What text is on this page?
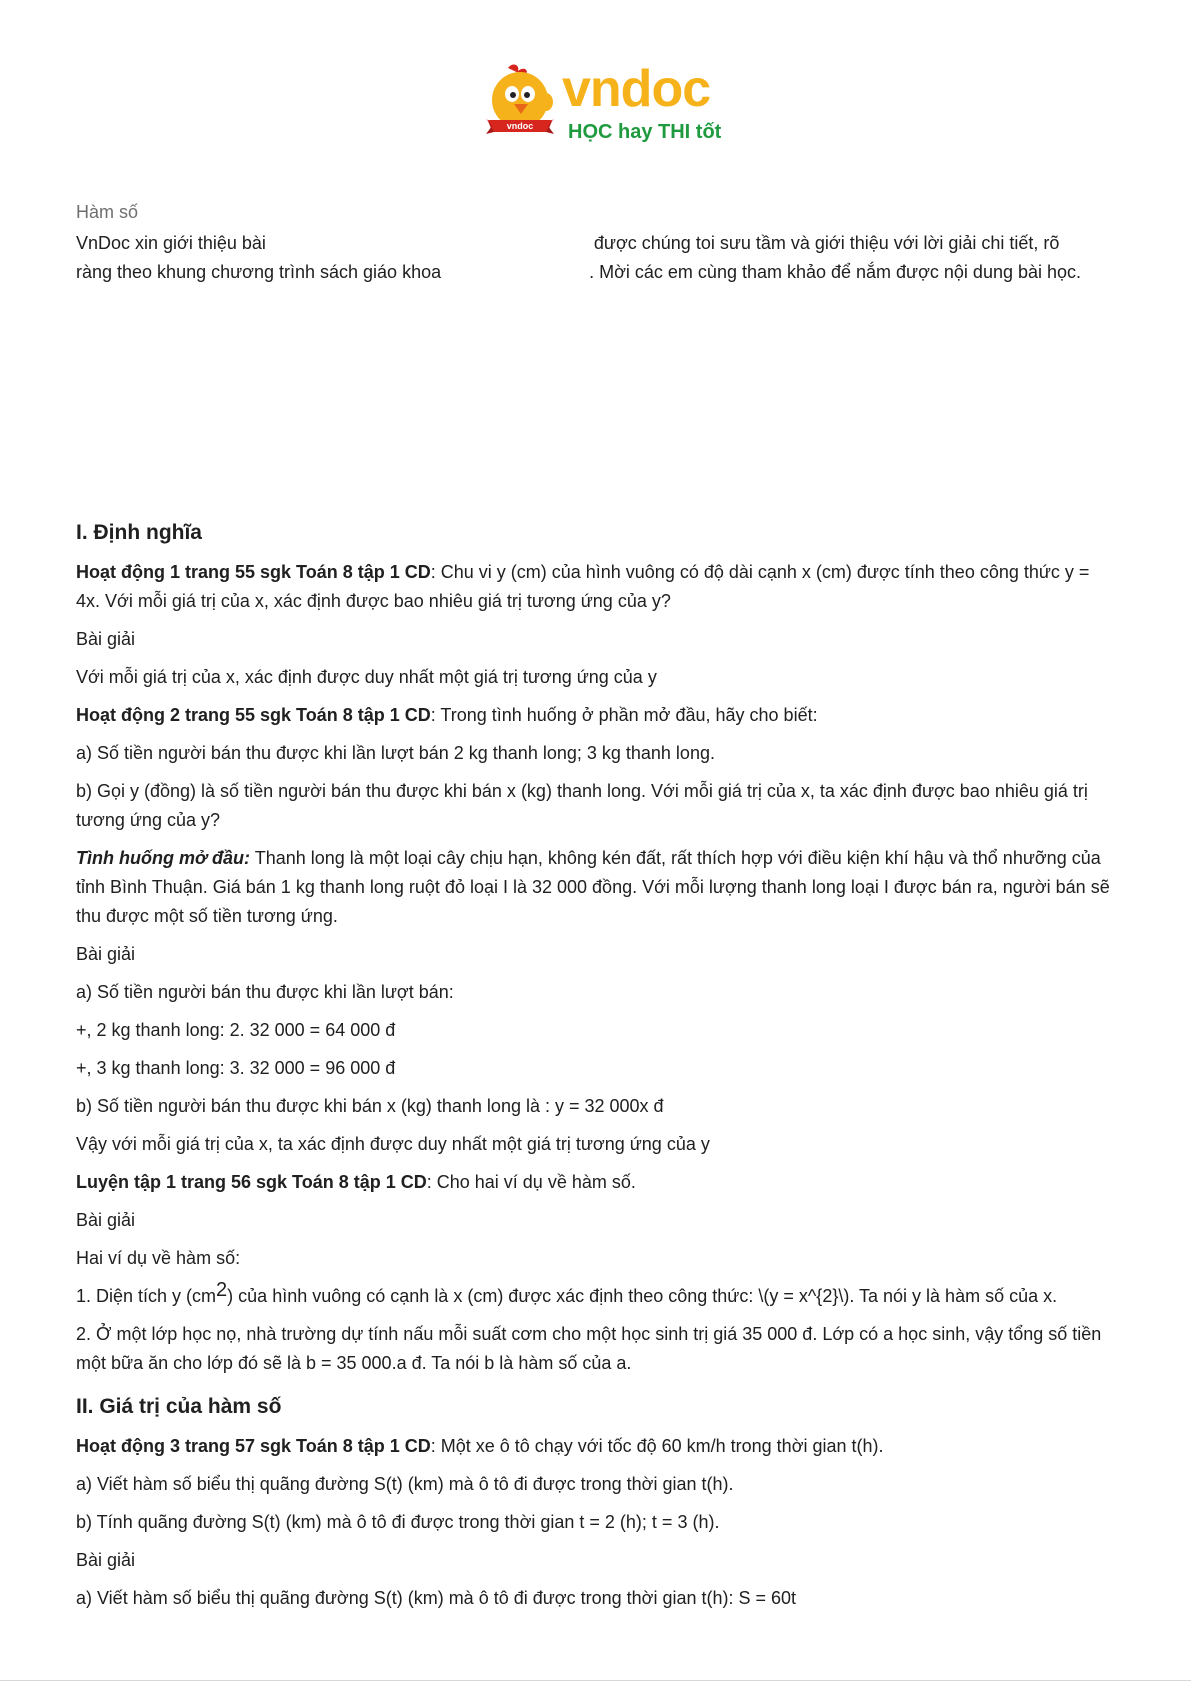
vndoc
vndoc
HỌC hay THI tốt
Hàm số
VnDoc xin giới thiệu bài	được chúng toi sưu tầm và giới thiệu với lời giải chi tiết, rõ
ràng theo khung chương trình sách giáo khoa	. Mời các em cùng tham khảo để nắm được nội dung bài học.
I. Định nghĩa

Hoạt động 1 trang 55 sgk Toán 8 tập 1 CD: Chu vi y (cm) của hình vuông có độ dài cạnh x (cm) được tính theo công thức y = 4x. Với mỗi giá trị của x, xác định được bao nhiêu giá trị tương ứng của y?

Bài giải

Với mỗi giá trị của x, xác định được duy nhất một giá trị tương ứng của y

Hoạt động 2 trang 55 sgk Toán 8 tập 1 CD: Trong tình huống ở phần mở đầu, hãy cho biết:

a) Số tiền người bán thu được khi lần lượt bán 2 kg thanh long; 3 kg thanh long.

b) Gọi y (đồng) là số tiền người bán thu được khi bán x (kg) thanh long. Với mỗi giá trị của x, ta xác định được bao nhiêu giá trị tương ứng của y?

Tình huống mở đầu: Thanh long là một loại cây chịu hạn, không kén đất, rất thích hợp với điều kiện khí hậu và thổ nhưỡng của tỉnh Bình Thuận. Giá bán 1 kg thanh long ruột đỏ loại I là 32 000 đồng. Với mỗi lượng thanh long loại I được bán ra, người bán sẽ thu được một số tiền tương ứng.

Bài giải

a) Số tiền người bán thu được khi lần lượt bán:

+, 2 kg thanh long: 2. 32 000 = 64 000 đ

+, 3 kg thanh long: 3. 32 000 = 96 000 đ

b) Số tiền người bán thu được khi bán x (kg) thanh long là : y = 32 000x đ

Vậy với mỗi giá trị của x, ta xác định được duy nhất một giá trị tương ứng của y

Luyện tập 1 trang 56 sgk Toán 8 tập 1 CD: Cho hai ví dụ về hàm số.

Bài giải

Hai ví dụ về hàm số:

1. Diện tích y (cm2) của hình vuông có cạnh là x (cm) được xác định theo công thức: \(y = x^{2}\). Ta nói y là hàm số của x.

2. Ở một lớp học nọ, nhà trường dự tính nấu mỗi suất cơm cho một học sinh trị giá 35 000 đ. Lớp có a học sinh, vậy tổng số tiền một bữa ăn cho lớp đó sẽ là b = 35 000.a đ. Ta nói b là hàm số của a.

II. Giá trị của hàm số

Hoạt động 3 trang 57 sgk Toán 8 tập 1 CD: Một xe ô tô chạy với tốc độ 60 km/h trong thời gian t(h).

a) Viết hàm số biểu thị quãng đường S(t) (km) mà ô tô đi được trong thời gian t(h).

b) Tính quãng đường S(t) (km) mà ô tô đi được trong thời gian t = 2 (h); t = 3 (h).

Bài giải

a) Viết hàm số biểu thị quãng đường S(t) (km) mà ô tô đi được trong thời gian t(h): S = 60t
